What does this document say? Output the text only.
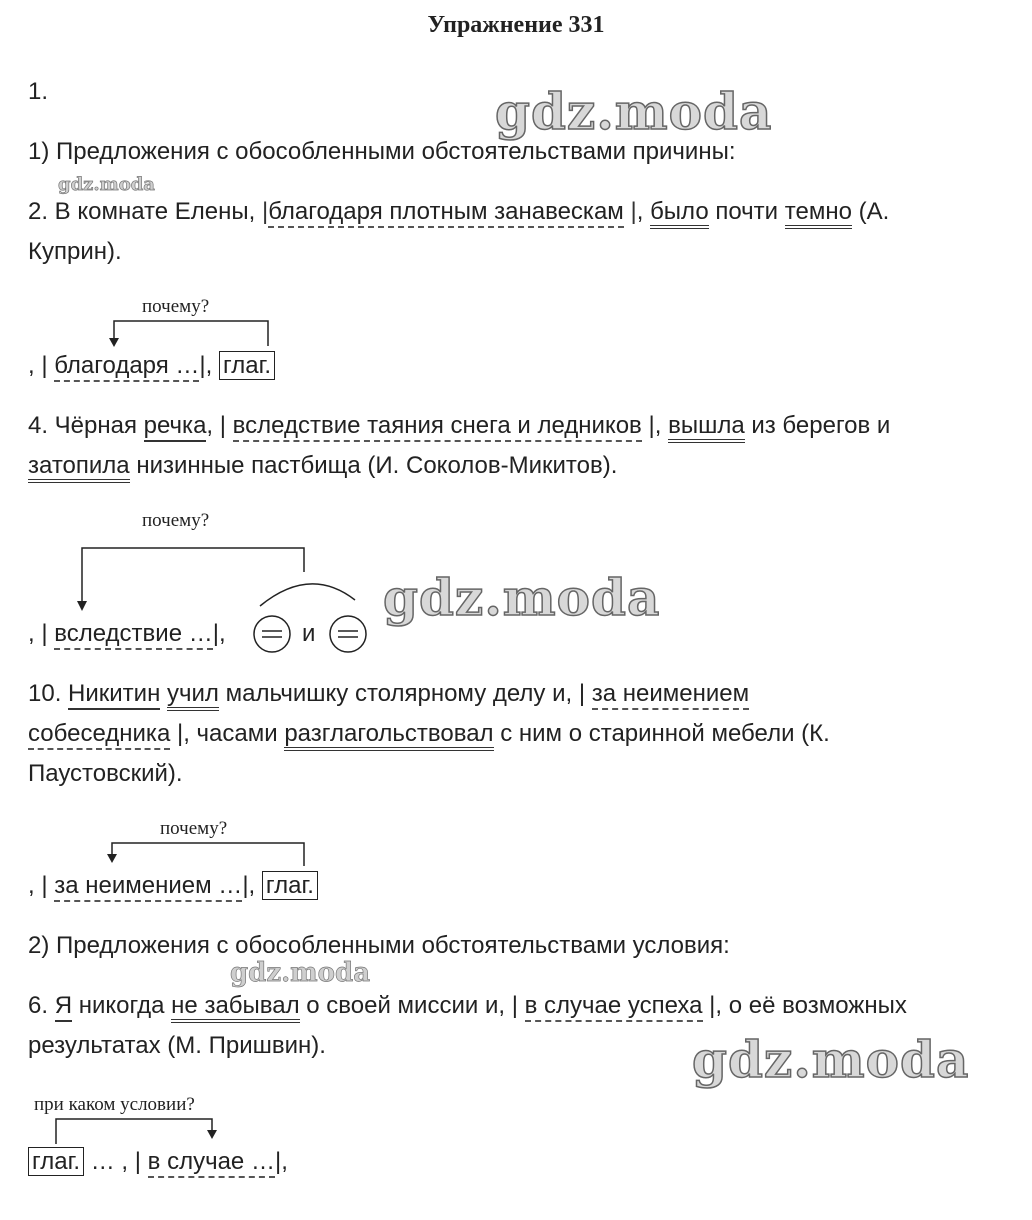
Упражнение 331
gdz.moda
gdz.moda
gdz.moda
gdz.moda
gdz.moda
1.
1) Предложения с обособленными обстоятельствами причины:
2. В комнате Елены, |благодаря плотным занавескам |, было почти темно (А.
Куприн).
почему?
, | благодаря …|, глаг.
4. Чёрная речка, | вследствие таяния снега и ледников |, вышла из берегов и
затопила низинные пастбища (И. Соколов-Микитов).
почему?
, | вследствие …|,	и
10. Никитин учил мальчишку столярному делу и, | за неимением
собеседника |, часами разглагольствовал с ним о старинной мебели (К.
Паустовский).
почему?
, | за неимением …|, глаг.
2) Предложения с обособленными обстоятельствами условия:
6. Я никогда не забывал о своей миссии и, | в случае успеха |, о её возможных
результатах (М. Пришвин).
при каком условии?
глаг. … , | в случае …|,
